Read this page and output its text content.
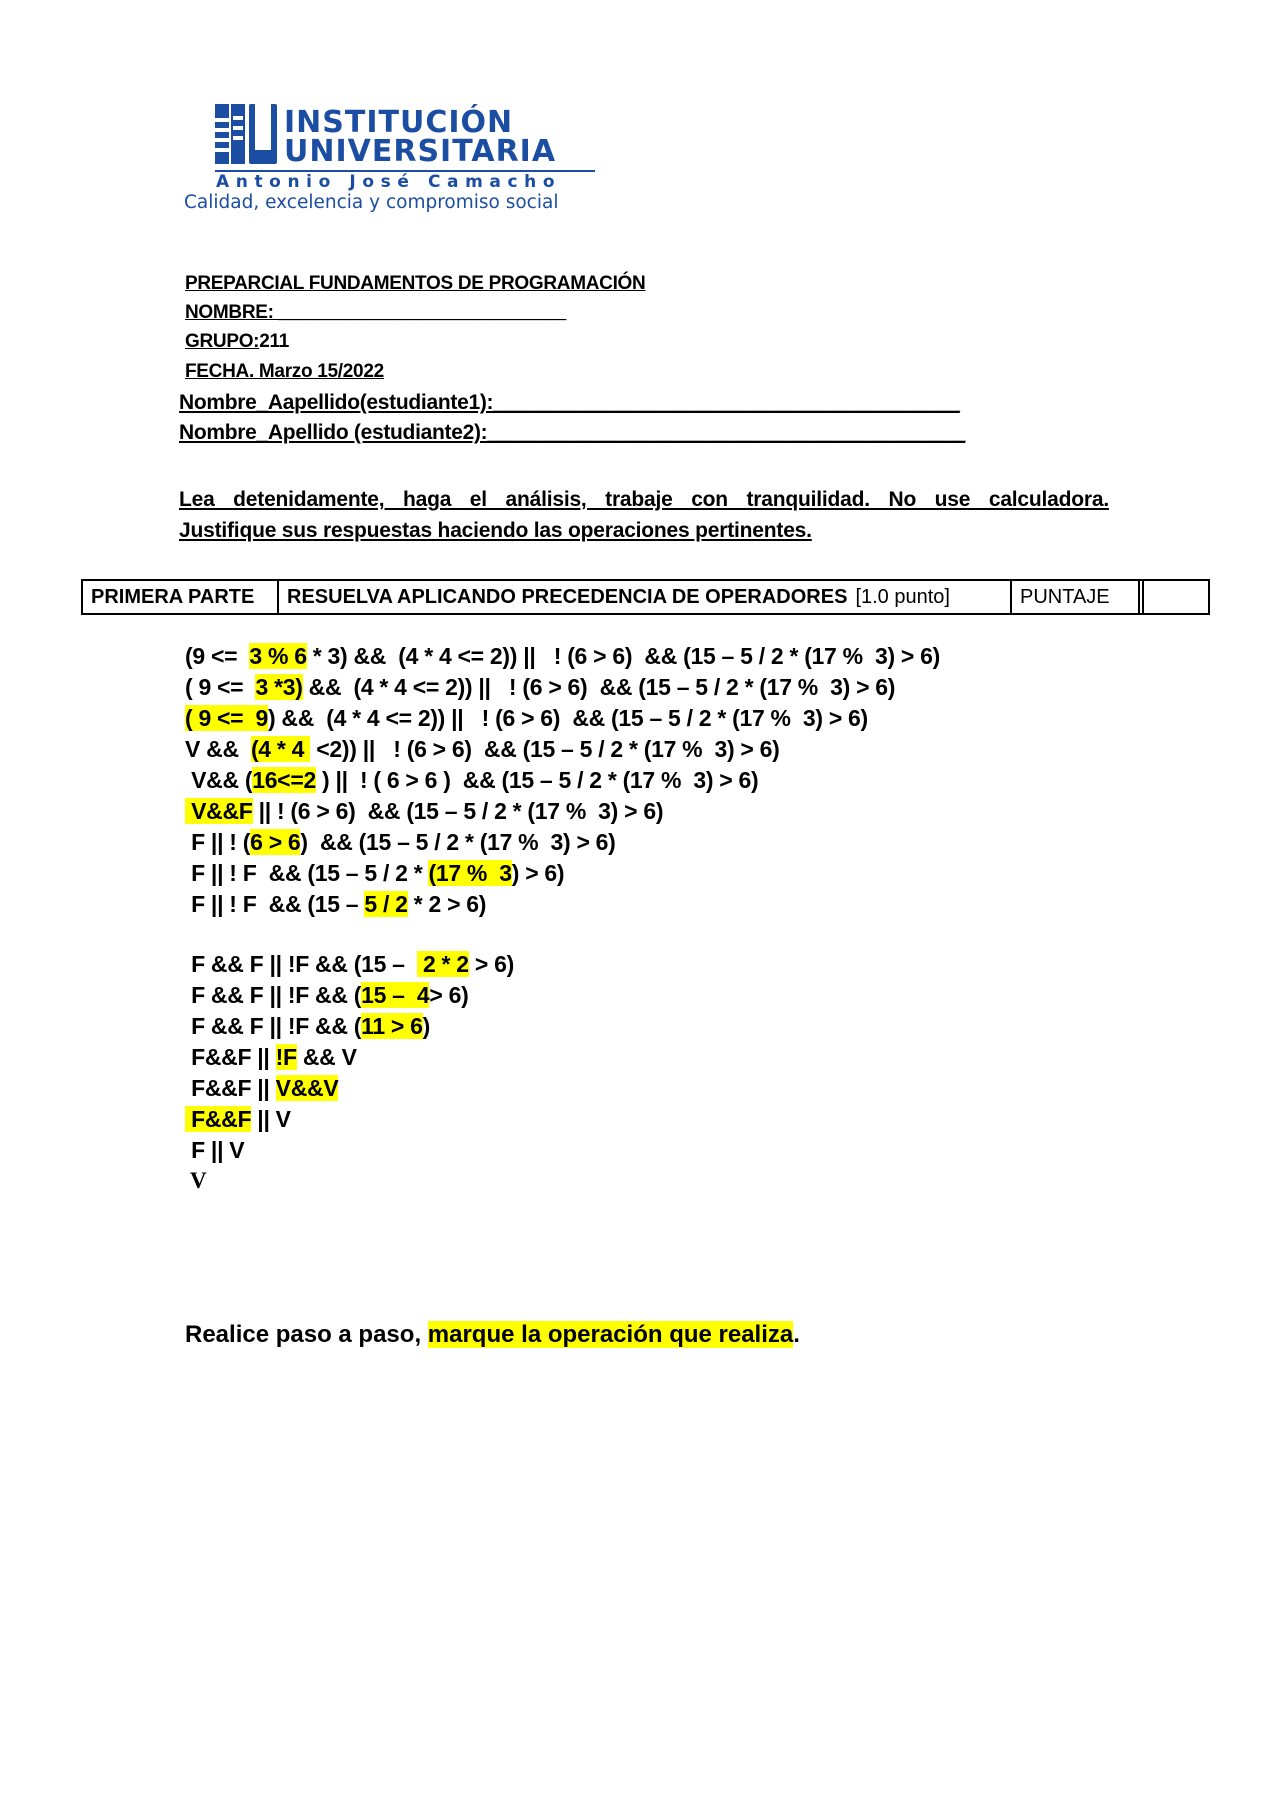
INSTITUCIÓN
UNIVERSITARIA
Antonio José Camacho
Calidad, excelencia y compromiso social
PREPARCIAL FUNDAMENTOS DE PROGRAMACIÓN
NOMBRE: ____________________________
GRUPO:211
FECHA. Marzo 15/2022
Nombre_Aapellido(estudiante1):_________________________________________
Nombre_Apellido (estudiante2):__________________________________________
Lea detenidamente, haga el análisis, trabaje con tranquilidad. No use calculadora.
Justifique sus respuestas haciendo las operaciones pertinentes.
PRIMERA PARTE	RESUELVA APLICANDO PRECEDENCIA DE OPERADORES [1.0 punto]	PUNTAJE
(9 <=  3 % 6 * 3) &&  (4 * 4 <= 2)) ||   ! (6 > 6)  && (15 – 5 / 2 * (17 %  3) > 6)
( 9 <=  3 *3) &&  (4 * 4 <= 2)) ||   ! (6 > 6)  && (15 – 5 / 2 * (17 %  3) > 6)
( 9 <=  9) &&  (4 * 4 <= 2)) ||   ! (6 > 6)  && (15 – 5 / 2 * (17 %  3) > 6)
V &&  (4 * 4  <2)) ||   ! (6 > 6)  && (15 – 5 / 2 * (17 %  3) > 6)
V&& (16<=2 ) ||  ! ( 6 > 6 )  && (15 – 5 / 2 * (17 %  3) > 6)
V&&F || ! (6 > 6)  && (15 – 5 / 2 * (17 %  3) > 6)
F || ! (6 > 6)  && (15 – 5 / 2 * (17 %  3) > 6)
F || ! F  && (15 – 5 / 2 * (17 %  3) > 6)
F || ! F  && (15 – 5 / 2 * 2 > 6)
F && F || !F && (15 –   2 * 2 > 6)
F && F || !F && (15 –  4> 6)
F && F || !F && (11 > 6)
F&&F || !F && V
F&&F || V&&V
F&&F || V
F || V
V
Realice paso a paso, marque la operación que realiza.
